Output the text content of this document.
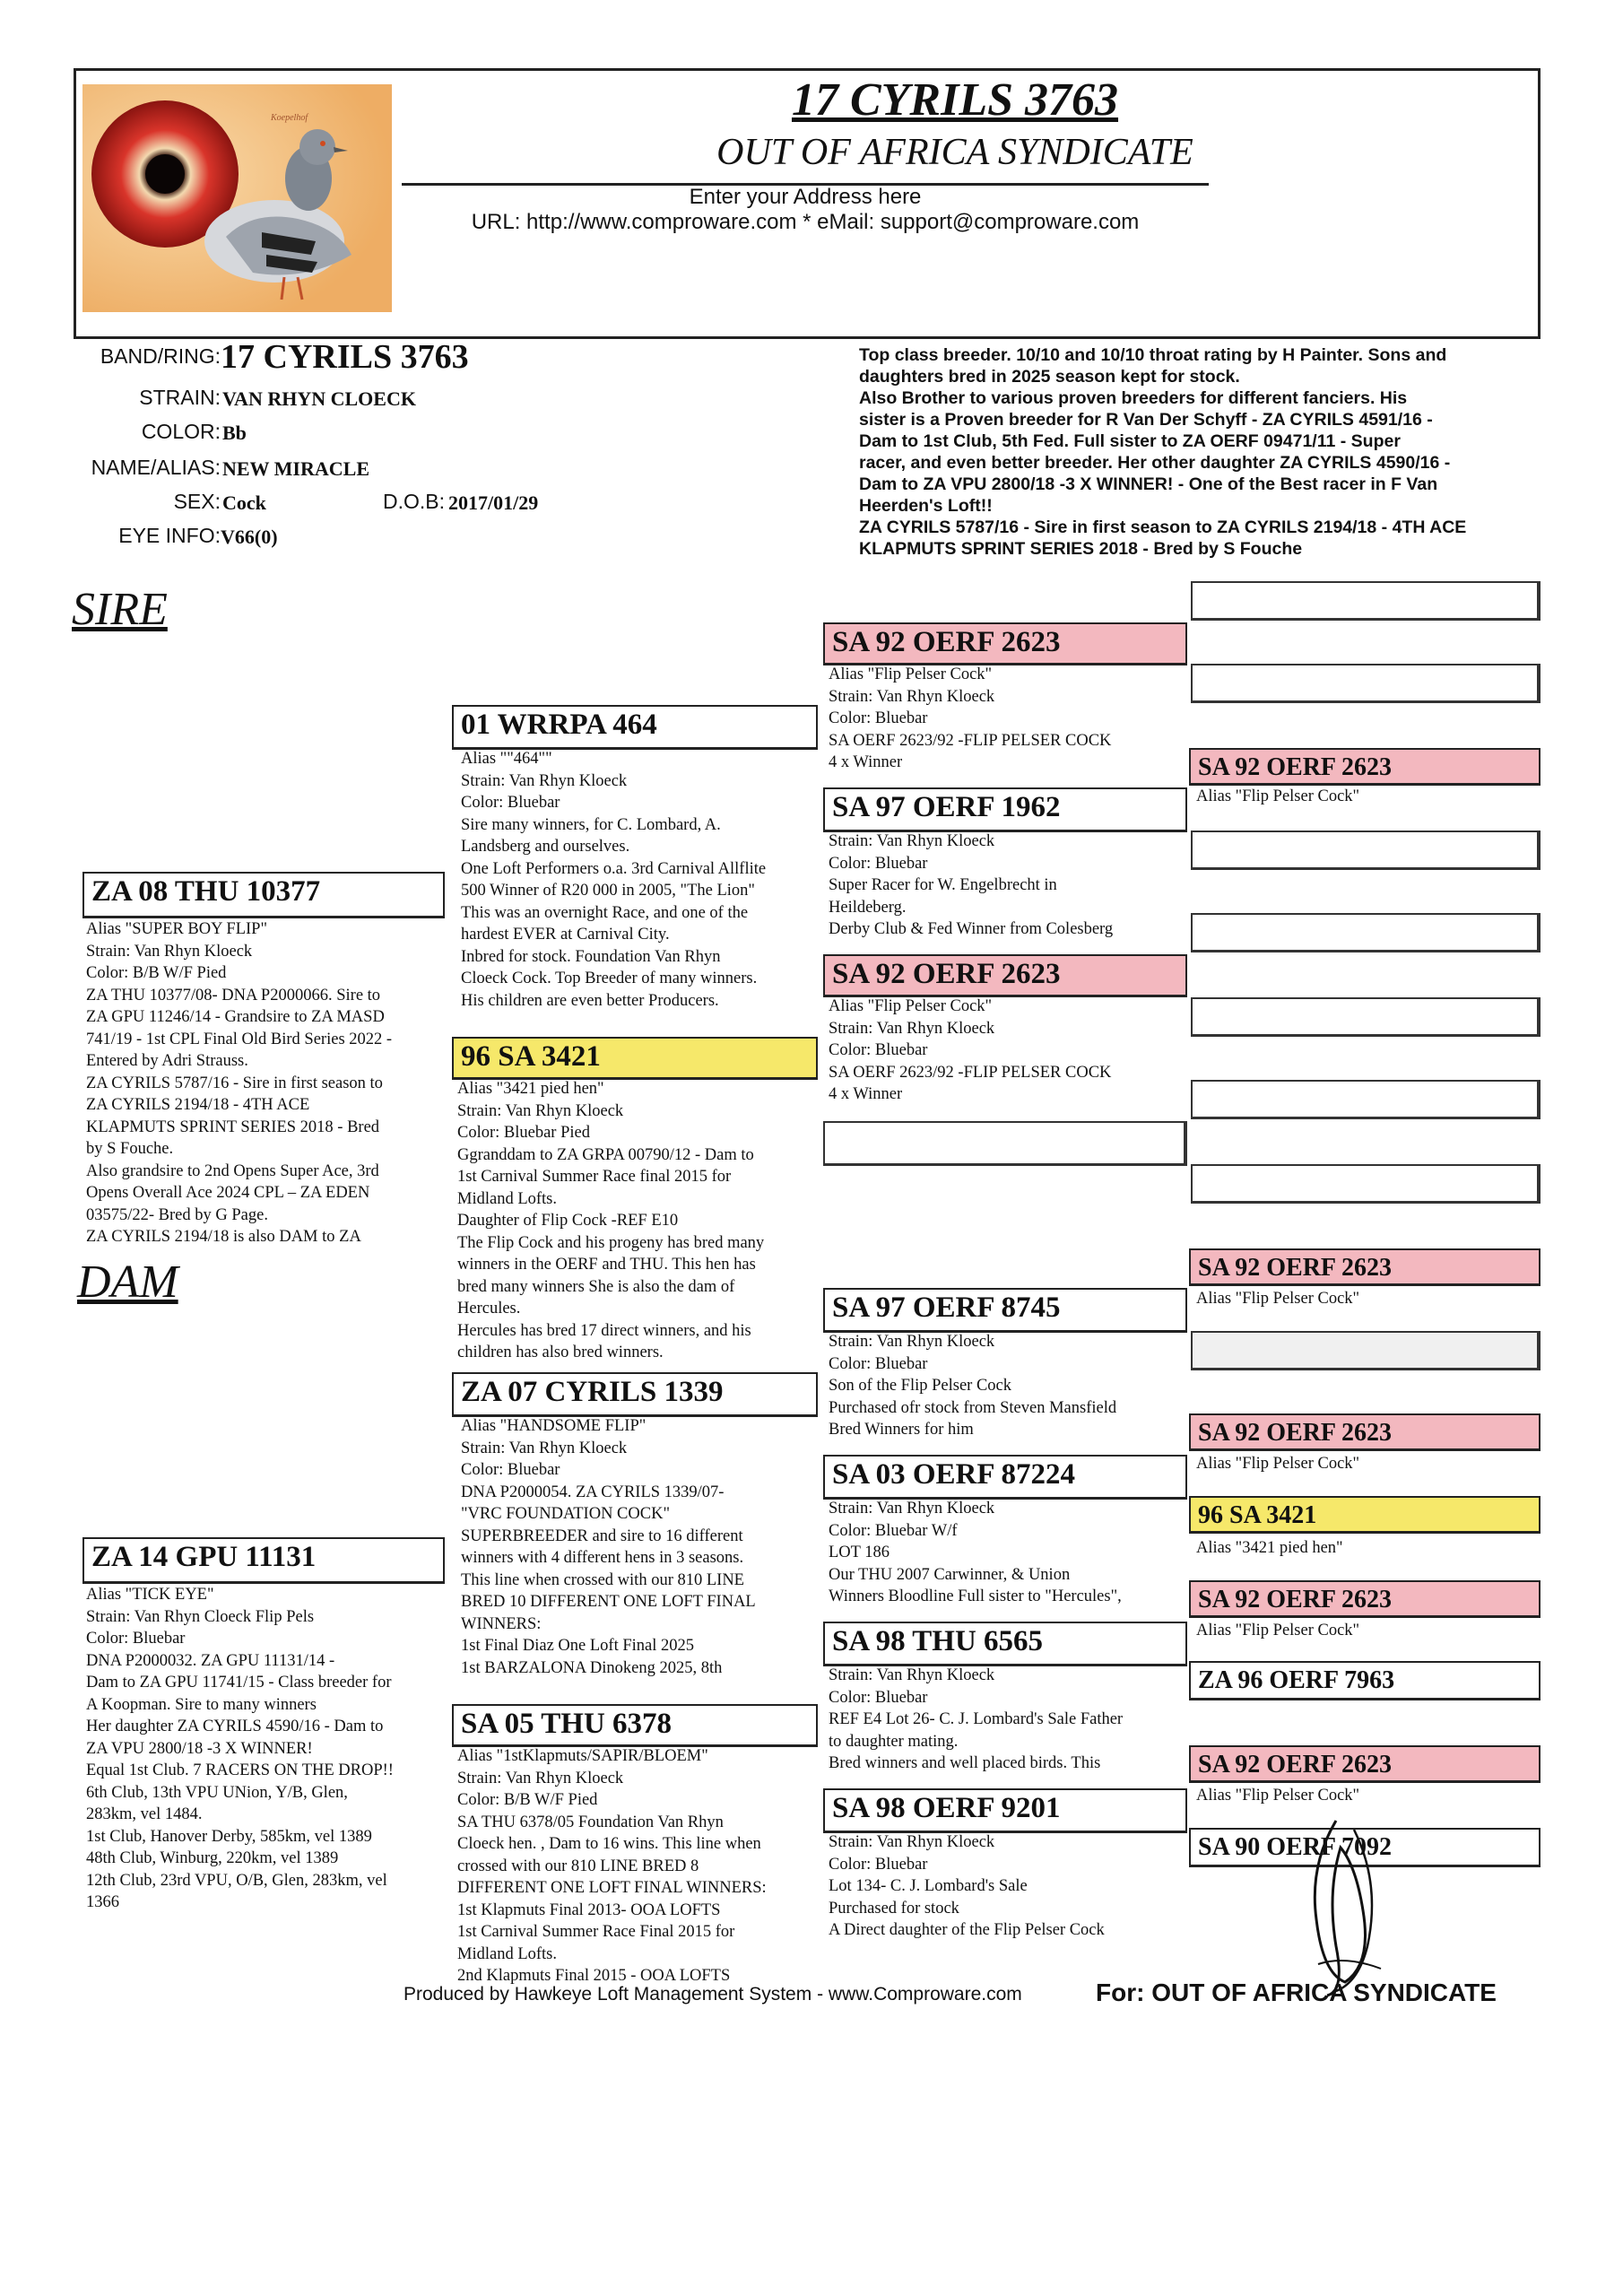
Koepelhof	17 CYRILS 3763
OUT OF AFRICA SYNDICATE
Enter your Address here
URL: http://www.comproware.com * eMail: support@comproware.com
BAND/RING: 17 CYRILS 3763
STRAIN: VAN RHYN CLOECK
COLOR: Bb
NAME/ALIAS: NEW MIRACLE
SEX: Cock	D.O.B: 2017/01/29
EYE INFO: V66(0)
Top class breeder. 10/10 and 10/10 throat rating by H Painter. Sons and
daughters bred in 2025 season kept for stock.
Also Brother to various proven breeders for different fanciers. His
sister is a Proven breeder for R Van Der Schyff - ZA CYRILS 4591/16 -
Dam to 1st Club, 5th Fed. Full sister to ZA OERF 09471/11 - Super
racer, and even better breeder. Her other daughter ZA CYRILS 4590/16 -
Dam to ZA VPU 2800/18 -3 X WINNER! - One of the Best racer in F Van
Heerden's Loft!!
ZA CYRILS 5787/16 - Sire in first season to ZA CYRILS 2194/18 - 4TH ACE
KLAPMUTS SPRINT SERIES 2018 - Bred by S Fouche
SIRE
DAM
ZA 08 THU 10377
Alias "SUPER BOY FLIP"
Strain: Van Rhyn Kloeck
Color: B/B W/F Pied
ZA THU 10377/08- DNA P2000066. Sire to
ZA GPU 11246/14 - Grandsire to ZA MASD
741/19 - 1st CPL Final Old Bird Series 2022 -
Entered by Adri Strauss.
ZA CYRILS 5787/16 - Sire in first season to
ZA CYRILS 2194/18 - 4TH ACE
KLAPMUTS SPRINT SERIES 2018 - Bred
by S Fouche.
Also grandsire to 2nd Opens Super Ace, 3rd
Opens Overall Ace 2024 CPL – ZA EDEN
03575/22- Bred by G Page.
ZA CYRILS 2194/18 is also DAM to ZA
ZA 14 GPU 11131
Alias "TICK EYE"
Strain: Van Rhyn Cloeck Flip Pels
Color: Bluebar
DNA P2000032. ZA GPU 11131/14 -
Dam to ZA GPU 11741/15 - Class breeder for
A Koopman. Sire to many winners
Her daughter ZA CYRILS 4590/16 - Dam to
ZA VPU 2800/18 -3 X WINNER!
Equal 1st Club. 7 RACERS ON THE DROP!!
6th Club, 13th VPU UNion, Y/B, Glen,
283km, vel 1484.
1st Club, Hanover Derby, 585km, vel 1389
48th Club, Winburg, 220km, vel 1389
12th Club, 23rd VPU, O/B, Glen, 283km, vel
1366
01 WRRPA 464
Alias ""464""
Strain: Van Rhyn Kloeck
Color: Bluebar
Sire many winners, for C. Lombard, A.
Landsberg and ourselves.
One Loft Performers o.a. 3rd Carnival Allflite
500 Winner of R20 000 in 2005, "The Lion"
This was an overnight Race, and one of the
hardest EVER at Carnival City.
Inbred for stock. Foundation Van Rhyn
Cloeck Cock. Top Breeder of many winners.
His children are even better Producers.
96 SA 3421
Alias "3421 pied hen"
Strain: Van Rhyn Kloeck
Color: Bluebar Pied
Ggranddam to ZA GRPA 00790/12 - Dam to
1st Carnival Summer Race final 2015 for
Midland Lofts.
Daughter of Flip Cock -REF E10
The Flip Cock and his progeny has bred many
winners in the OERF and THU. This hen has
bred many winners She is also the dam of
Hercules.
Hercules has bred 17 direct winners, and his
children has also bred winners.
ZA 07 CYRILS 1339
Alias "HANDSOME FLIP"
Strain: Van Rhyn Kloeck
Color: Bluebar
DNA P2000054. ZA CYRILS 1339/07-
"VRC FOUNDATION COCK"
SUPERBREEDER and sire to 16 different
winners with 4 different hens in 3 seasons.
This line when crossed with our 810 LINE
BRED 10 DIFFERENT ONE LOFT FINAL
WINNERS:
1st Final Diaz One Loft Final 2025
1st BARZALONA Dinokeng 2025, 8th
SA 05 THU 6378
Alias "1stKlapmuts/SAPIR/BLOEM"
Strain: Van Rhyn Kloeck
Color: B/B W/F Pied
SA THU 6378/05 Foundation Van Rhyn
Cloeck hen. , Dam to 16 wins. This line when
crossed with our 810 LINE BRED 8
DIFFERENT ONE LOFT FINAL WINNERS:
1st Klapmuts Final 2013- OOA LOFTS
1st Carnival Summer Race Final 2015 for
Midland Lofts.
2nd Klapmuts Final 2015 - OOA LOFTS
SA 92 OERF 2623
Alias "Flip Pelser Cock"
Strain: Van Rhyn Kloeck
Color: Bluebar
SA OERF 2623/92 -FLIP PELSER COCK
4 x Winner
SA 97 OERF 1962
Strain: Van Rhyn Kloeck
Color: Bluebar
Super Racer for W. Engelbrecht in
Heildeberg.
Derby Club & Fed Winner from Colesberg
SA 92 OERF 2623
Alias "Flip Pelser Cock"
Strain: Van Rhyn Kloeck
Color: Bluebar
SA OERF 2623/92 -FLIP PELSER COCK
4 x Winner
SA 97 OERF 8745
Strain: Van Rhyn Kloeck
Color: Bluebar
Son of the Flip Pelser Cock
Purchased ofr stock from Steven Mansfield
Bred Winners for him
SA 03 OERF 87224
Strain: Van Rhyn Kloeck
Color: Bluebar W/f
LOT 186
Our THU 2007 Carwinner, & Union
Winners Bloodline Full sister to "Hercules",
SA 98 THU 6565
Strain: Van Rhyn Kloeck
Color: Bluebar
REF E4 Lot 26- C. J. Lombard's Sale Father
to daughter mating.
Bred winners and well placed birds. This
SA 98 OERF 9201
Strain: Van Rhyn Kloeck
Color: Bluebar
Lot 134- C. J. Lombard's Sale
Purchased for stock
A Direct daughter of the Flip Pelser Cock
SA 92 OERF 2623
Alias "Flip Pelser Cock"
SA 92 OERF 2623
Alias "Flip Pelser Cock"
SA 92 OERF 2623
Alias "Flip Pelser Cock"
96 SA 3421
Alias "3421 pied hen"
SA 92 OERF 2623
Alias "Flip Pelser Cock"
ZA 96 OERF 7963
SA 92 OERF 2623
Alias "Flip Pelser Cock"
SA 90 OERF 7092
Produced by Hawkeye Loft Management System - www.Comproware.com	For: OUT OF AFRICA SYNDICATE
